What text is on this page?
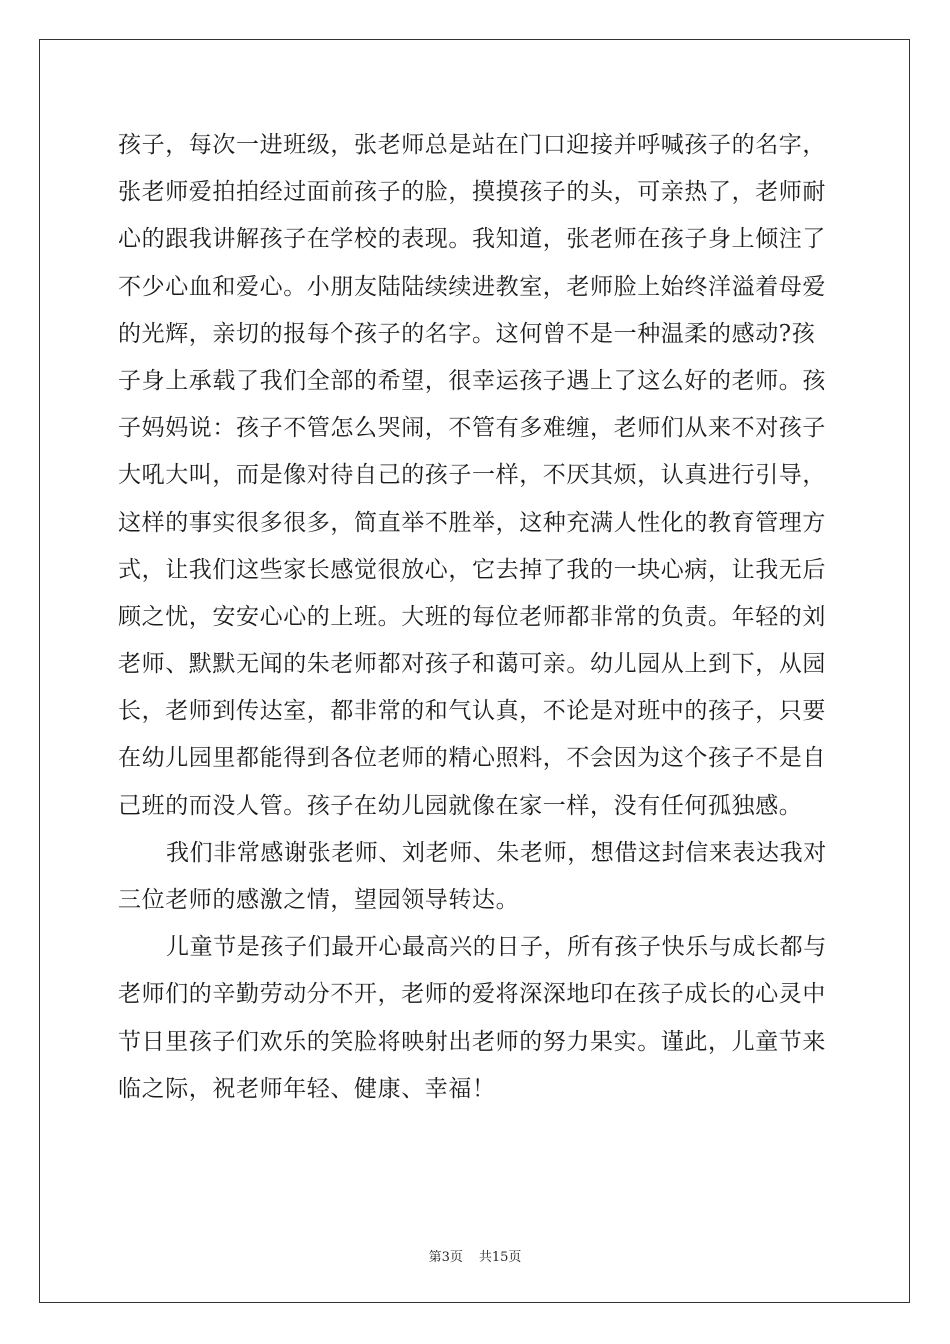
孩子，每次一进班级，张老师总是站在门口迎接并呼喊孩子的名字，
张老师爱拍拍经过面前孩子的脸，摸摸孩子的头，可亲热了，老师耐
心的跟我讲解孩子在学校的表现。我知道，张老师在孩子身上倾注了
不少心血和爱心。小朋友陆陆续续进教室，老师脸上始终洋溢着母爱
的光辉，亲切的报每个孩子的名字。这何曾不是一种温柔的感动?孩
子身上承载了我们全部的希望，很幸运孩子遇上了这么好的老师。孩
子妈妈说：孩子不管怎么哭闹，不管有多难缠，老师们从来不对孩子
大吼大叫，而是像对待自己的孩子一样，不厌其烦，认真进行引导，
这样的事实很多很多，简直举不胜举，这种充满人性化的教育管理方
式，让我们这些家长感觉很放心，它去掉了我的一块心病，让我无后
顾之忧，安安心心的上班。大班的每位老师都非常的负责。年轻的刘
老师、默默无闻的朱老师都对孩子和蔼可亲。幼儿园从上到下，从园
长，老师到传达室，都非常的和气认真，不论是对班中的孩子，只要
在幼儿园里都能得到各位老师的精心照料，不会因为这个孩子不是自
己班的而没人管。孩子在幼儿园就像在家一样，没有任何孤独感。
我们非常感谢张老师、刘老师、朱老师，想借这封信来表达我对
三位老师的感激之情，望园领导转达。
儿童节是孩子们最开心最高兴的日子，所有孩子快乐与成长都与
老师们的辛勤劳动分不开，老师的爱将深深地印在孩子成长的心灵中
节日里孩子们欢乐的笑脸将映射出老师的努力果实。谨此，儿童节来
临之际，祝老师年轻、健康、幸福！
第3页 共15页
